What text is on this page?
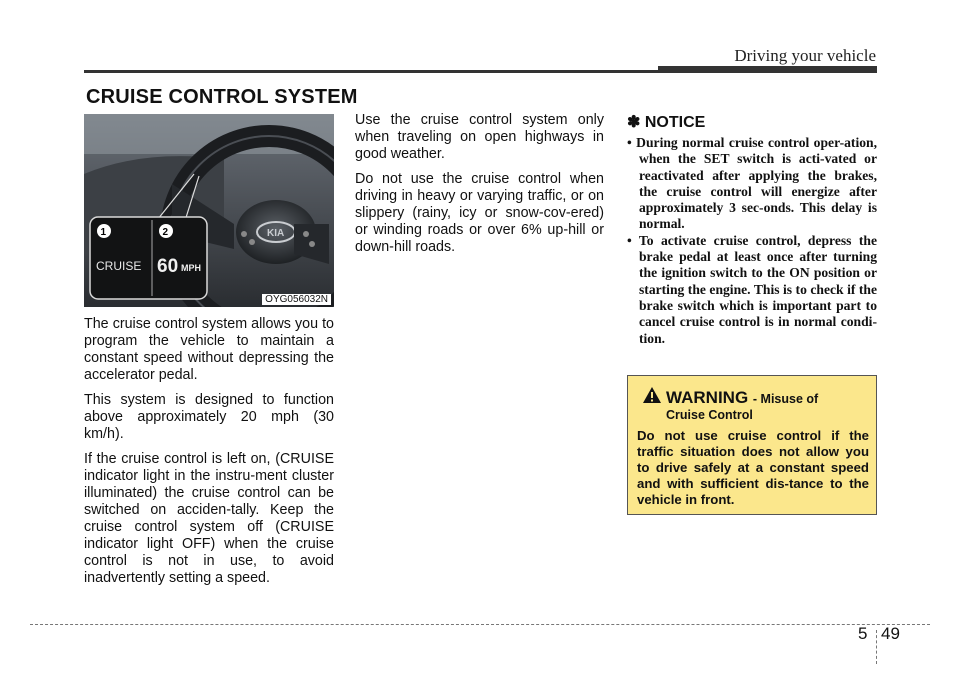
Driving your vehicle
CRUISE CONTROL SYSTEM
KIA
1	2
CRUISE 60 MPH
OYG056032N

The cruise control system allows you to program the vehicle to maintain a constant speed without depressing the accelerator pedal.

This system is designed to function above approximately 20 mph (30 km/h).

If the cruise control is left on, (CRUISE indicator light in the instru-ment cluster illuminated) the cruise control can be switched on acciden-tally. Keep the cruise control system off (CRUISE indicator light OFF) when the cruise control is not in use, to avoid inadvertently setting a speed.

Use the cruise control system only when traveling on open highways in good weather.

Do not use the cruise control when driving in heavy or varying traffic, or on slippery (rainy, icy or snow-cov-ered) or winding roads or over 6% up-hill or down-hill roads.

✽ NOTICE
• During normal cruise control oper-ation, when the SET switch is acti-vated or reactivated after applying the brakes, the cruise control will energize after approximately 3 sec-onds. This delay is normal.
• To activate cruise control, depress the brake pedal at least once after turning the ignition switch to the ON position or starting the engine. This is to check if the brake switch which is important part to cancel cruise control is in normal condi-tion.
WARNING - Misuse of
Cruise Control
Do not use cruise control if the traffic situation does not allow you to drive safely at a constant speed and with sufficient dis-tance to the vehicle in front.
5 49
